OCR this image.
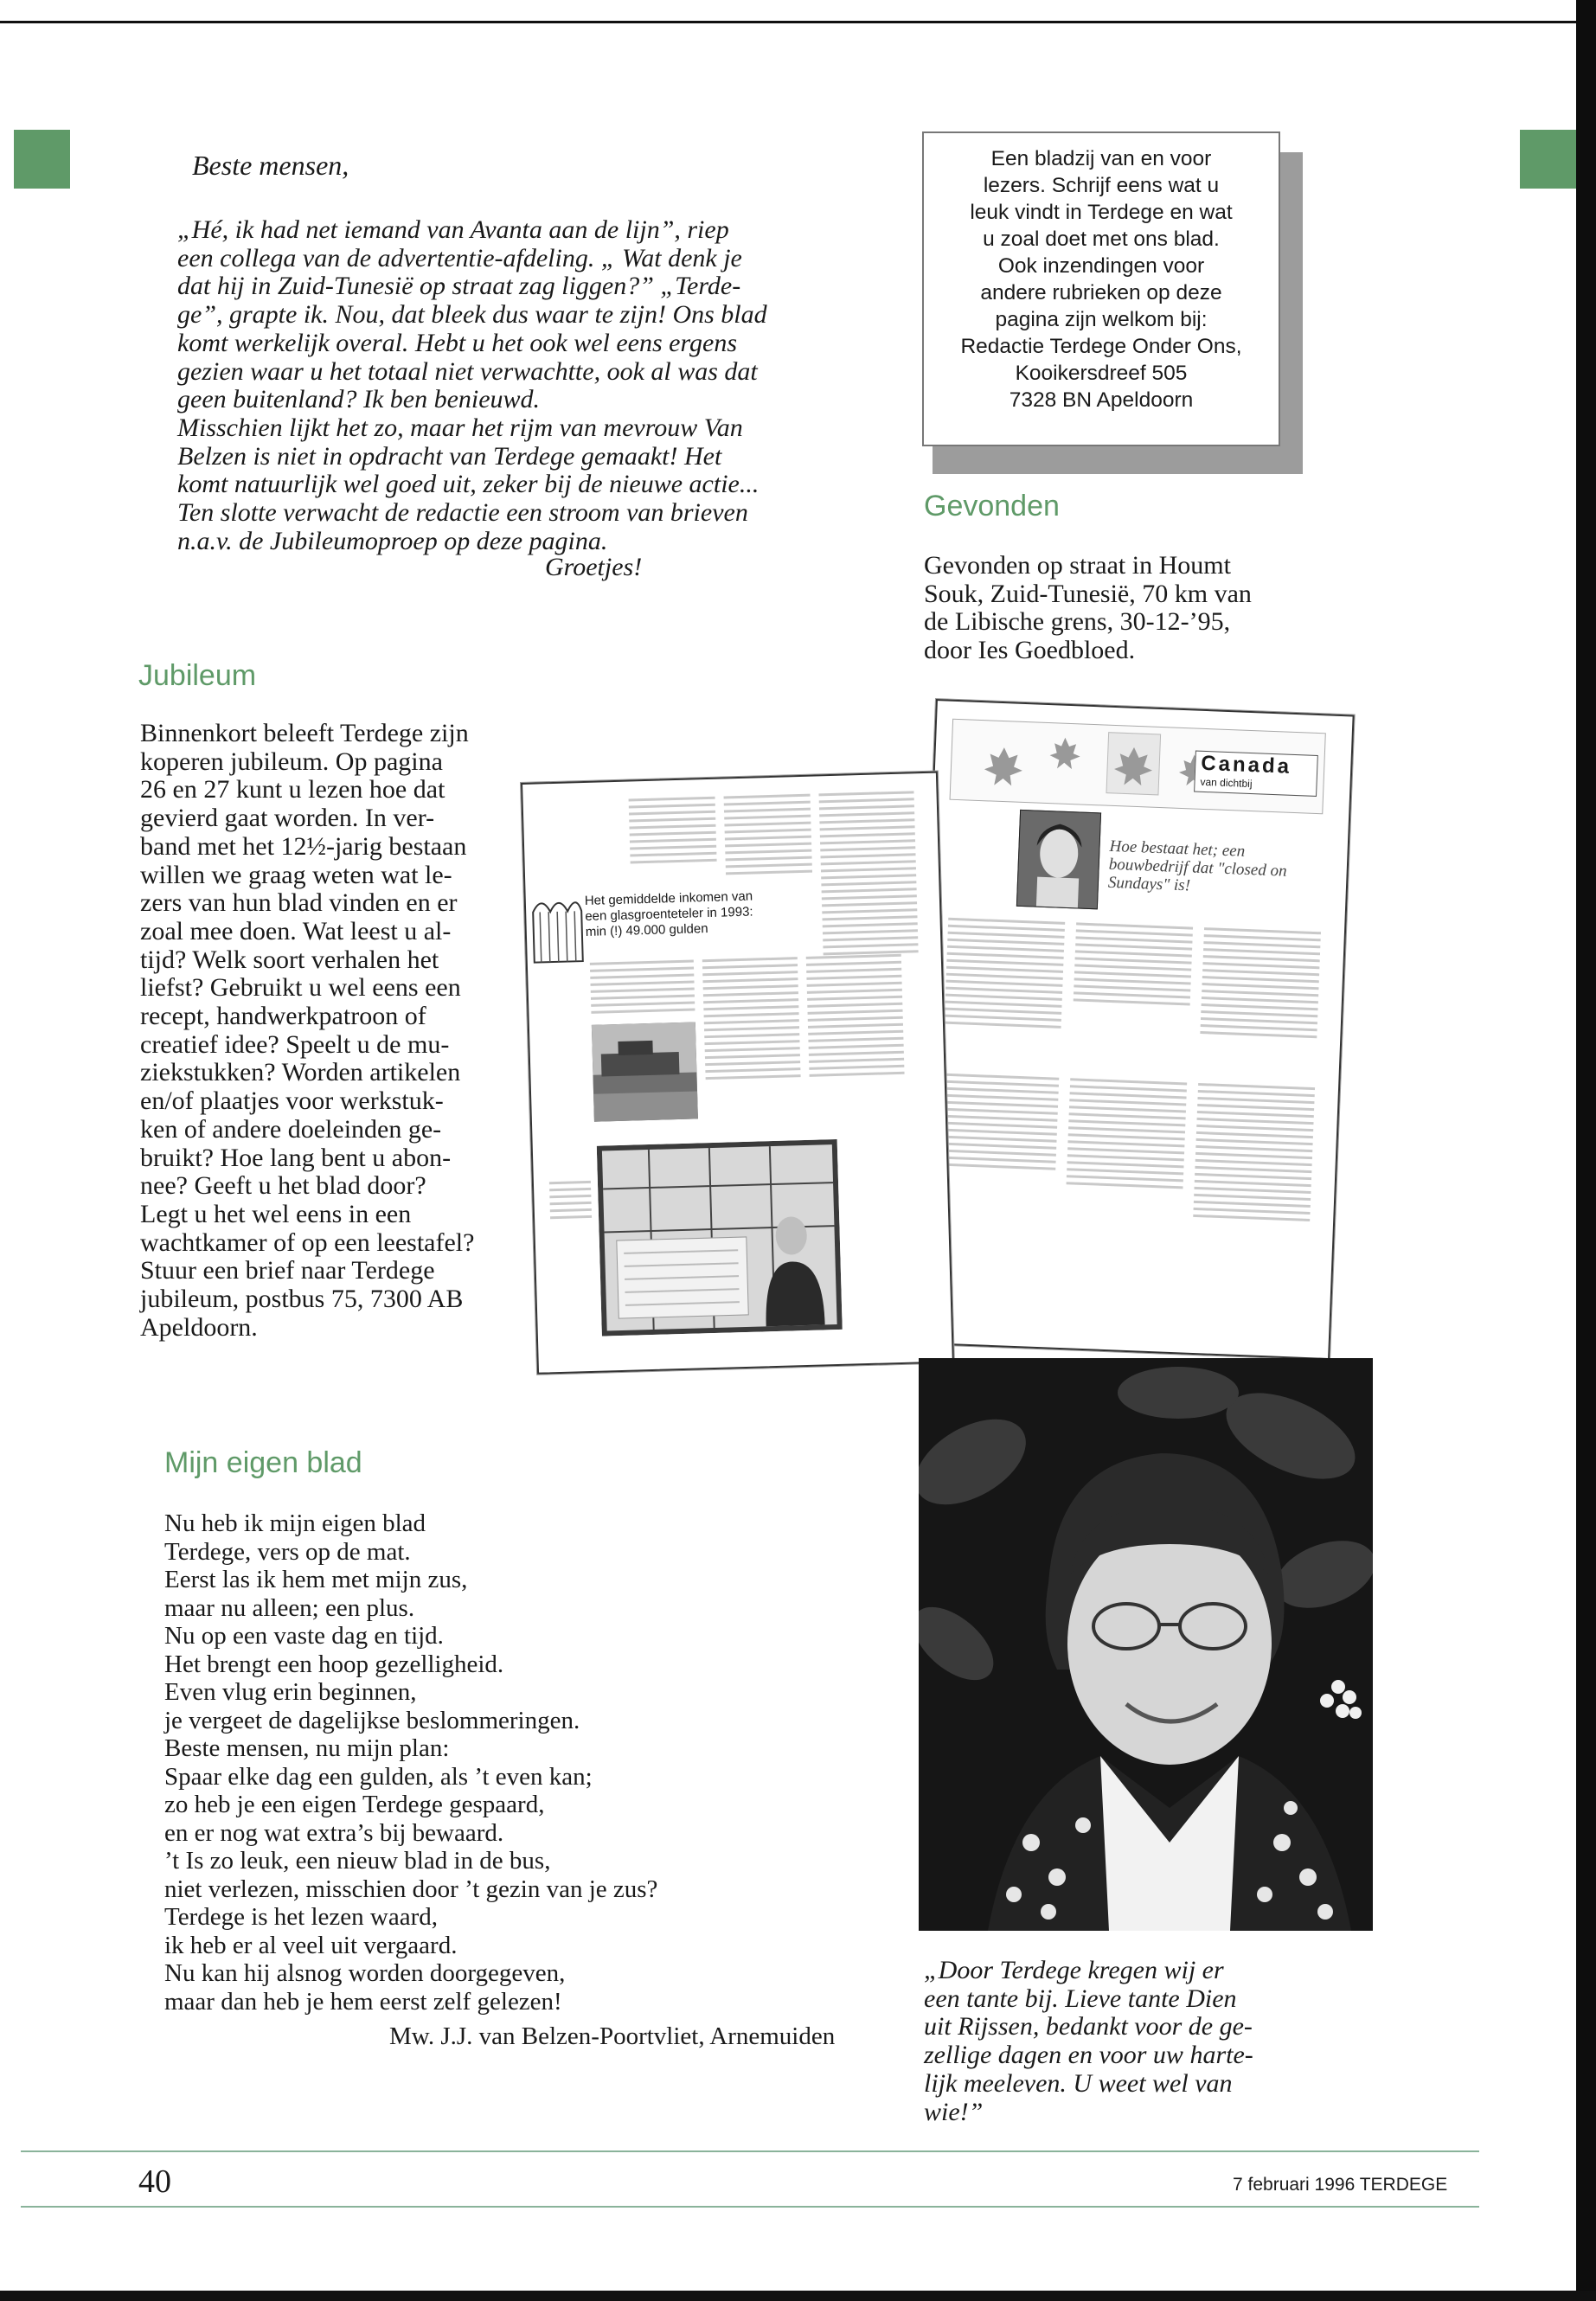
Beste mensen,
„Hé, ik had net iemand van Avanta aan de lijn”, riep
een collega van de advertentie-afdeling. „ Wat denk je
dat hij in Zuid-Tunesië op straat zag liggen?” „Terde-
ge”, grapte ik. Nou, dat bleek dus waar te zijn! Ons blad
komt werkelijk overal. Hebt u het ook wel eens ergens
gezien waar u het totaal niet verwachtte, ook al was dat
geen buitenland? Ik ben benieuwd.
Misschien lijkt het zo, maar het rijm van mevrouw Van
Belzen is niet in opdracht van Terdege gemaakt! Het
komt natuurlijk wel goed uit, zeker bij de nieuwe actie...
Ten slotte verwacht de redactie een stroom van brieven
n.a.v. de Jubileumoproep op deze pagina.
Groetjes!
Een bladzij van en voor
lezers. Schrijf eens wat u
leuk vindt in Terdege en wat
u zoal doet met ons blad.
Ook inzendingen voor
andere rubrieken op deze
pagina zijn welkom bij:
Redactie Terdege Onder Ons,
Kooikersdreef 505
7328 BN Apeldoorn
Gevonden
Gevonden op straat in Houmt
Souk, Zuid-Tunesië, 70 km van
de Libische grens, 30-12-’95,
door Ies Goedbloed.
Jubileum
Binnenkort beleeft Terdege zijn
koperen jubileum. Op pagina
26 en 27 kunt u lezen hoe dat
gevierd gaat worden. In ver-
band met het 12½-jarig bestaan
willen we graag weten wat le-
zers van hun blad vinden en er
zoal mee doen. Wat leest u al-
tijd? Welk soort verhalen het
liefst? Gebruikt u wel eens een
recept, handwerkpatroon of
creatief idee? Speelt u de mu-
ziekstukken? Worden artikelen
en/of plaatjes voor werkstuk-
ken of andere doeleinden ge-
bruikt? Hoe lang bent u abon-
nee? Geeft u het blad door?
Legt u het wel eens in een
wachtkamer of op een leestafel?
Stuur een brief naar Terdege
jubileum, postbus 75, 7300 AB
Apeldoorn.
Canada
van dichtbij
Hoe bestaat het; een bouwbedrijf dat "closed on Sundays" is!
Het gemiddelde inkomen van een glasgroenteteler in 1993: min (!) 49.000 gulden
Mijn eigen blad
Nu heb ik mijn eigen blad
Terdege, vers op de mat.
Eerst las ik hem met mijn zus,
maar nu alleen; een plus.
Nu op een vaste dag en tijd.
Het brengt een hoop gezelligheid.
Even vlug erin beginnen,
je vergeet de dagelijkse beslommeringen.
Beste mensen, nu mijn plan:
Spaar elke dag een gulden, als ’t even kan;
zo heb je een eigen Terdege gespaard,
en er nog wat extra’s bij bewaard.
’t Is zo leuk, een nieuw blad in de bus,
niet verlezen, misschien door ’t gezin van je zus?
Terdege is het lezen waard,
ik heb er al veel uit vergaard.
Nu kan hij alsnog worden doorgegeven,
maar dan heb je hem eerst zelf gelezen!
Mw. J.J. van Belzen-Poortvliet, Arnemuiden
„Door Terdege kregen wij er
een tante bij. Lieve tante Dien
uit Rijssen, bedankt voor de ge-
zellige dagen en voor uw harte-
lijk meeleven. U weet wel van
wie!”
40	7 februari 1996 TERDEGE
